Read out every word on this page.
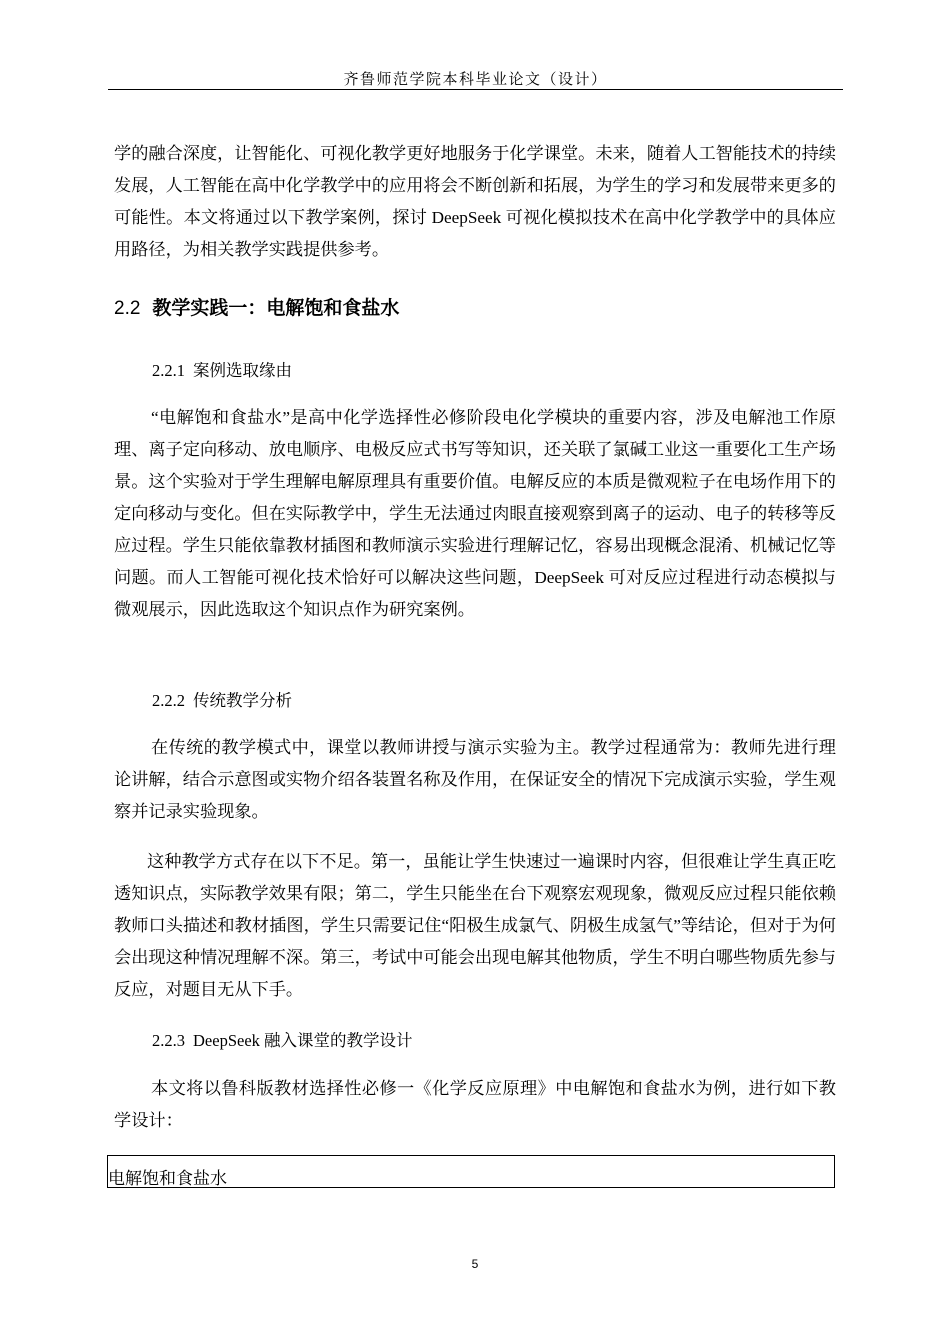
齐鲁师范学院本科毕业论文（设计）

学的融合深度，让智能化、可视化教学更好地服务于化学课堂。未来，随着人工智能技术的持续发展，人工智能在高中化学教学中的应用将会不断创新和拓展，为学生的学习和发展带来更多的可能性。本文将通过以下教学案例，探讨 DeepSeek 可视化模拟技术在高中化学教学中的具体应用路径，为相关教学实践提供参考。

2.2 教学实践一：电解饱和食盐水
2.2.1 案例选取缘由

“电解饱和食盐水”是高中化学选择性必修阶段电化学模块的重要内容，涉及电解池工作原理、离子定向移动、放电顺序、电极反应式书写等知识，还关联了氯碱工业这一重要化工生产场景。这个实验对于学生理解电解原理具有重要价值。电解反应的本质是微观粒子在电场作用下的定向移动与变化。但在实际教学中，学生无法通过肉眼直接观察到离子的运动、电子的转移等反应过程。学生只能依靠教材插图和教师演示实验进行理解记忆，容易出现概念混淆、机械记忆等问题。而人工智能可视化技术恰好可以解决这些问题，DeepSeek 可对反应过程进行动态模拟与微观展示，因此选取这个知识点作为研究案例。

2.2.2 传统教学分析

在传统的教学模式中，课堂以教师讲授与演示实验为主。教学过程通常为：教师先进行理论讲解，结合示意图或实物介绍各装置名称及作用，在保证安全的情况下完成演示实验，学生观察并记录实验现象。

这种教学方式存在以下不足。第一，虽能让学生快速过一遍课时内容，但很难让学生真正吃透知识点，实际教学效果有限；第二，学生只能坐在台下观察宏观现象，微观反应过程只能依赖教师口头描述和教材插图，学生只需要记住“阳极生成氯气、阴极生成氢气”等结论，但对于为何会出现这种情况理解不深。第三，考试中可能会出现电解其他物质，学生不明白哪些物质先参与反应，对题目无从下手。

2.2.3 DeepSeek 融入课堂的教学设计

本文将以鲁科版教材选择性必修一《化学反应原理》中电解饱和食盐水为例，进行如下教学设计：

电解饱和食盐水
5
